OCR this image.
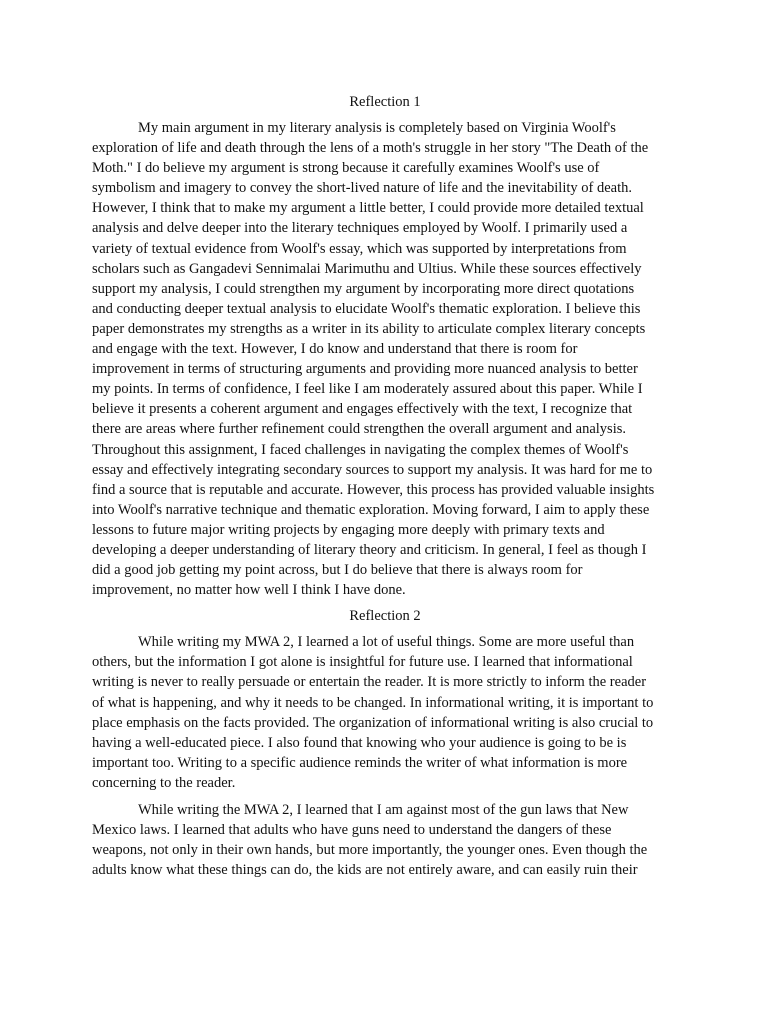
Reflection 1
My main argument in my literary analysis is completely based on Virginia Woolf's
exploration of life and death through the lens of a moth's struggle in her story "The Death of the
Moth." I do believe my argument is strong because it carefully examines Woolf's use of
symbolism and imagery to convey the short-lived nature of life and the inevitability of death.
However, I think that to make my argument a little better, I could provide more detailed textual
analysis and delve deeper into the literary techniques employed by Woolf. I primarily used a
variety of textual evidence from Woolf's essay, which was supported by interpretations from
scholars such as Gangadevi Sennimalai Marimuthu and Ultius. While these sources effectively
support my analysis, I could strengthen my argument by incorporating more direct quotations
and conducting deeper textual analysis to elucidate Woolf's thematic exploration. I believe this
paper demonstrates my strengths as a writer in its ability to articulate complex literary concepts
and engage with the text. However, I do know and understand that there is room for
improvement in terms of structuring arguments and providing more nuanced analysis to better
my points. In terms of confidence, I feel like I am moderately assured about this paper. While I
believe it presents a coherent argument and engages effectively with the text, I recognize that
there are areas where further refinement could strengthen the overall argument and analysis.
Throughout this assignment, I faced challenges in navigating the complex themes of Woolf's
essay and effectively integrating secondary sources to support my analysis. It was hard for me to
find a source that is reputable and accurate. However, this process has provided valuable insights
into Woolf's narrative technique and thematic exploration. Moving forward, I aim to apply these
lessons to future major writing projects by engaging more deeply with primary texts and
developing a deeper understanding of literary theory and criticism. In general, I feel as though I
did a good job getting my point across, but I do believe that there is always room for
improvement, no matter how well I think I have done.
Reflection 2
While writing my MWA 2, I learned a lot of useful things. Some are more useful than
others, but the information I got alone is insightful for future use. I learned that informational
writing is never to really persuade or entertain the reader. It is more strictly to inform the reader
of what is happening, and why it needs to be changed. In informational writing, it is important to
place emphasis on the facts provided. The organization of informational writing is also crucial to
having a well-educated piece. I also found that knowing who your audience is going to be is
important too. Writing to a specific audience reminds the writer of what information is more
concerning to the reader.
While writing the MWA 2, I learned that I am against most of the gun laws that New
Mexico laws. I learned that adults who have guns need to understand the dangers of these
weapons, not only in their own hands, but more importantly, the younger ones. Even though the
adults know what these things can do, the kids are not entirely aware, and can easily ruin their
